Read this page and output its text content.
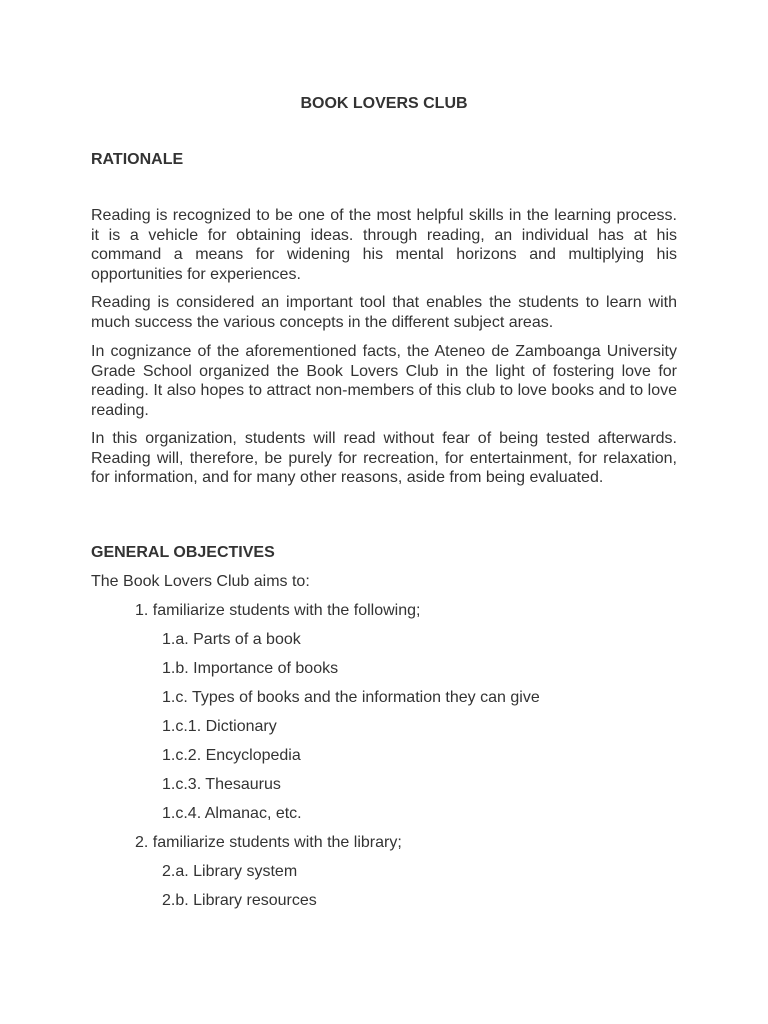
BOOK LOVERS CLUB
RATIONALE

Reading is recognized to be one of the most helpful skills in the learning process. it is a vehicle for obtaining ideas. through reading, an individual has at his command a means for widening his mental horizons and multiplying his opportunities for experiences.

Reading is considered an important tool that enables the students to learn with much success the various concepts in the different subject areas.

In cognizance of the aforementioned facts, the Ateneo de Zamboanga University Grade School organized the Book Lovers Club in the light of fostering love for reading. It also hopes to attract non-members of this club to love books and to love reading.

In this organization, students will read without fear of being tested afterwards. Reading will, therefore, be purely for recreation, for entertainment, for relaxation, for information, and for many other reasons, aside from being evaluated.

GENERAL OBJECTIVES

The Book Lovers Club aims to:

1. familiarize students with the following;

1.a. Parts of a book

1.b. Importance of books

1.c. Types of books and the information they can give

1.c.1. Dictionary

1.c.2. Encyclopedia

1.c.3. Thesaurus

1.c.4. Almanac, etc.

2. familiarize students with the library;

2.a. Library system

2.b. Library resources
